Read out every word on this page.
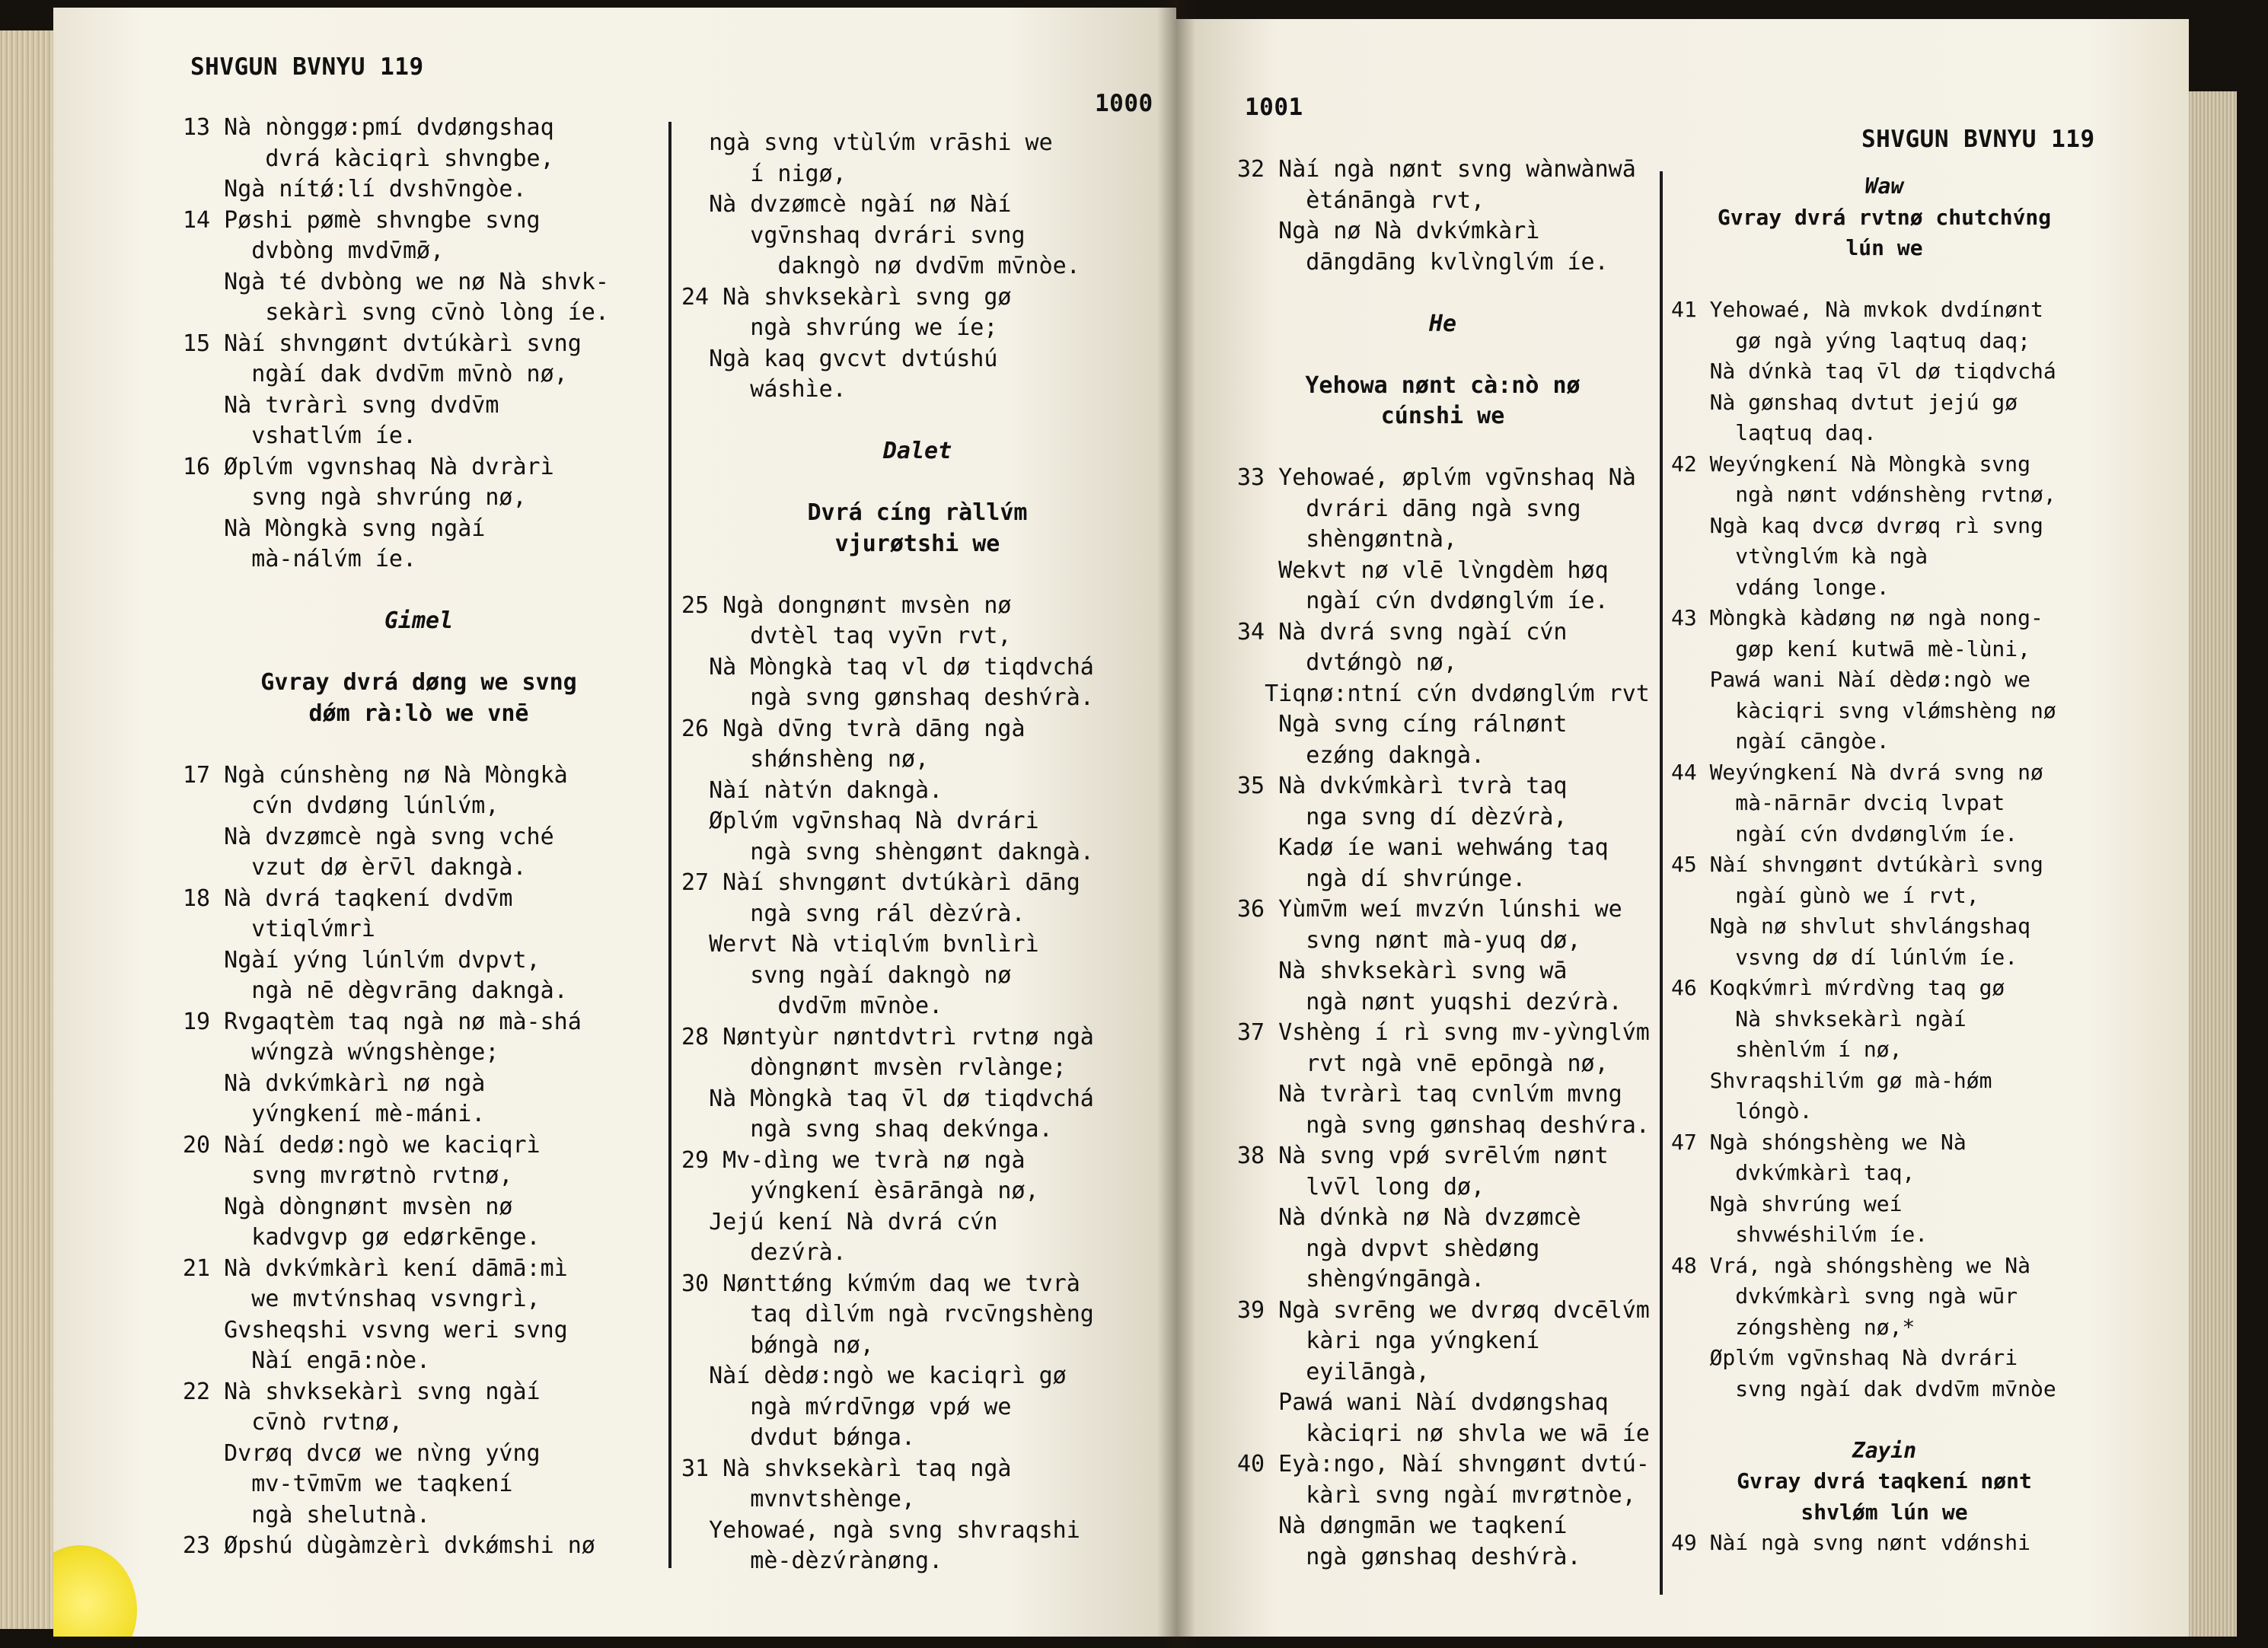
SHVGUN BVNYU 119
1000
13 Nà nònggø:pmí dvdøngshaq
dvrá kàciqrì shvngbe,
Ngà nítǿ:lí dvshv̄ngòe.
14 Pøshi pømè shvngbe svng
dvbòng mvdv̄mø̄,
Ngà té dvbòng we nø Nà shvk-
sekàrì svng cv̄nò lòng íe.
15 Nàí shvngønt dvtúkàrì svng
ngàí dak dvdv̄m mv̄nò nø,
Nà tvràrì svng dvdv̄m
vshatlv́m íe.
16 Øplv́m vgvnshaq Nà dvràrì
svng ngà shvrúng nø,
Nà Mòngkà svng ngàí
mà-nálv́m íe.
Gimel
Gvray dvrá døng we svng
dǿm rà:lò we vnē
17 Ngà cúnshèng nø Nà Mòngkà
cv́n dvdøng lúnlv́m,
Nà dvzømcè ngà svng vché
vzut dø èrv̄l dakngà.
18 Nà dvrá taqkení dvdv̄m
vtiqlv́mrì
Ngàí yv́ng lúnlv́m dvpvt,
ngà nē dègvrāng dakngà.
19 Rvgaqtèm taq ngà nø mà-shá
wv́ngzà wv́ngshènge;
Nà dvkv́mkàrì nø ngà
yv́ngkení mè-máni.
20 Nàí dedø:ngò we kaciqrì
svng mvrøtnò rvtnø,
Ngà dòngnønt mvsèn nø
kadvgvp gø edørkēnge.
21 Nà dvkv́mkàrì kení dāmā:mì
we mvtv́nshaq vsvngrì,
Gvsheqshi vsvng weri svng
Nàí engā:nòe.
22 Nà shvksekàrì svng ngàí
cv̄nò rvtnø,
Dvrøq dvcø we nv̀ng yv́ng
mv-tv̄mv̄m we taqkení
ngà shelutnà.
23 Øpshú dùgàmzèrì dvkǿmshi nø
ngà svng vtùlv́m vrāshi we
í nigø,
Nà dvzømcè ngàí nø Nàí
vgv̄nshaq dvrári svng
dakngò nø dvdv̄m mv̄nòe.
24 Nà shvksekàrì svng gø
ngà shvrúng we íe;
Ngà kaq gvcvt dvtúshú
wáshìe.
Dalet
Dvrá cíng ràllv́m
vjurøtshi we
25 Ngà dongnønt mvsèn nø
dvtèl taq vyv̄n rvt,
Nà Mòngkà taq vl dø tiqdvchá
ngà svng gønshaq deshv́rà.
26 Ngà dv̄ng tvrà dāng ngà
shǿnshèng nø,
Nàí nàtv́n dakngà.
Øplv́m vgv̄nshaq Nà dvrári
ngà svng shèngønt dakngà.
27 Nàí shvngønt dvtúkàrì dāng
ngà svng rál dèzv́rà.
Wervt Nà vtiqlv́m bvnlìrì
svng ngàí dakngò nø
dvdv̄m mv̄nòe.
28 Nøntyùr nøntdvtrì rvtnø ngà
dòngnønt mvsèn rvlànge;
Nà Mòngkà taq v̄l dø tiqdvchá
ngà svng shaq dekv́nga.
29 Mv-dìng we tvrà nø ngà
yv́ngkení èsārāngà nø,
Jejú kení Nà dvrá cv́n
dezv́rà.
30 Nønttǿng kv́mv́m daq we tvrà
taq dìlv́m ngà rvcv̄ngshèng
bǿngà nø,
Nàí dèdø:ngò we kaciqrì gø
ngà mv́rdv̄ngø vpǿ we
dvdut bǿnga.
31 Nà shvksekàrì taq ngà
mvnvtshènge,
Yehowaé, ngà svng shvraqshi
mè-dèzv́rànøng.
1001
SHVGUN BVNYU 119
32 Nàí ngà nønt svng wànwànwā
ètánāngà rvt,
Ngà nø Nà dvkv́mkàrì
dāngdāng kvlv̀nglv́m íe.
He
Yehowa nønt cà:nò nø
cúnshi we
33 Yehowaé, øplv́m vgv̄nshaq Nà
dvrári dāng ngà svng
shèngøntnà,
Wekvt nø vlē lv̀ngdèm høq
ngàí cv́n dvdønglv́m íe.
34 Nà dvrá svng ngàí cv́n
dvtǿngò nø,
Tiqnø:ntní cv́n dvdønglv́m rvt
Ngà svng cíng rálnønt
ezǿng dakngà.
35 Nà dvkv́mkàrì tvrà taq
nga svng dí dèzv́rà,
Kadø íe wani wehwáng taq
ngà dí shvrúnge.
36 Yùmv̄m weí mvzv́n lúnshi we
svng nønt mà-yuq dø,
Nà shvksekàrì svng wā
ngà nønt yuqshi dezv́rà.
37 Vshèng í rì svng mv-yv̀nglv́m
rvt ngà vnē epōngà nø,
Nà tvràrì taq cvnlv́m mvng
ngà svng gønshaq deshv́ra.
38 Nà svng vpǿ svrēlv́m nønt
lvv̄l long dø,
Nà dv́nkà nø Nà dvzømcè
ngà dvpvt shèdøng
shèngv́ngāngà.
39 Ngà svrēng we dvrøq dvcēlv́m
kàri nga yv́ngkení
eyilāngà,
Pawá wani Nàí dvdøngshaq
kàciqri nø shvla we wā íe
40 Eyà:ngo, Nàí shvngønt dvtú-
kàrì svng ngàí mvrøtnòe,
Nà døngmān we taqkení
ngà gønshaq deshv́rà.
Waw
Gvray dvrá rvtnø chutchv́ng
lún we
41 Yehowaé, Nà mvkok dvdínønt
gø ngà yv́ng laqtuq daq;
Nà dv́nkà taq v̄l dø tiqdvchá
Nà gønshaq dvtut jejú gø
laqtuq daq.
42 Weyv́ngkení Nà Mòngkà svng
ngà nønt vdǿnshèng rvtnø,
Ngà kaq dvcø dvrøq rì svng
vtv̀nglv́m kà ngà
vdáng longe.
43 Mòngkà kàdøng nø ngà nong-
gøp kení kutwā mè-lùni,
Pawá wani Nàí dèdø:ngò we
kàciqri svng vlǿmshèng nø
ngàí cāngòe.
44 Weyv́ngkení Nà dvrá svng nø
mà-nārnār dvciq lvpat
ngàí cv́n dvdønglv́m íe.
45 Nàí shvngønt dvtúkàrì svng
ngàí gùnò we í rvt,
Ngà nø shvlut shvlángshaq
vsvng dø dí lúnlv́m íe.
46 Koqkv́mrì mv́rdv̀ng taq gø
Nà shvksekàrì ngàí
shènlv́m í nø,
Shvraqshilv́m gø mà-hǿm
lóngò.
47 Ngà shóngshèng we Nà
dvkv́mkàrì taq,
Ngà shvrúng weí
shvwéshilv́m íe.
48 Vrá, ngà shóngshèng we Nà
dvkv́mkàrì svng ngà wūr
zóngshèng nø,*
Øplv́m vgv̄nshaq Nà dvrári
svng ngàí dak dvdv̄m mv̄nòe
Zayin
Gvray dvrá taqkení nønt
shvlǿm lún we
49 Nàí ngà svng nønt vdǿnshi
